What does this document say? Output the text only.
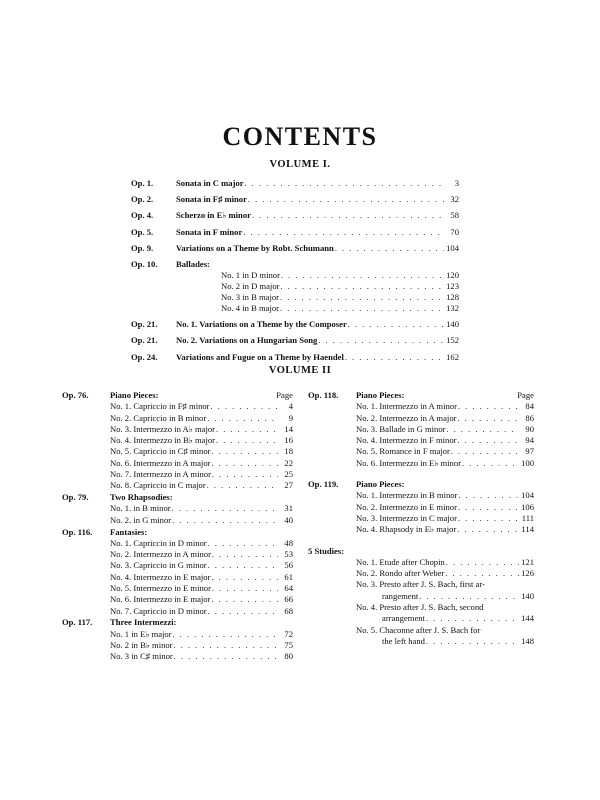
CONTENTS
VOLUME I.
Op. 1.	Sonata in C major . . .	3
Op. 2.	Sonata in F♯ minor . . .	32
Op. 4.	Scherzo in E♭ minor . . .	58
Op. 5.	Sonata in F minor . . .	70
Op. 9.	Variations on a Theme by Robt. Schumann . . .	104
Op. 10.	Ballades:
No. 1 in D minor . . .	120
No. 2 in D major . . .	123
No. 3 in B major . . .	128
No. 4 in B major . . .	132
Op. 21.	No. 1. Variations on a Theme by the Composer . . .	140
Op. 21.	No. 2. Variations on a Hungarian Song . . .	152
Op. 24.	Variations and Fugue on a Theme by Haendel . . .	162
VOLUME II
Op. 76.	Piano Pieces:	Page
No. 1. Capriccio in F♯ minor . . .	4
No. 2. Capriccio in B minor . . .	9
No. 3. Intermezzo in A♭ major . . .	14
No. 4. Intermezzo in B♭ major . . .	16
No. 5. Capriccio in C♯ minor . . .	18
No. 6. Intermezzo in A major . . .	22
No. 7. Intermezzo in A minor . . .	25
No. 8. Capriccio in C major . . .	27
Op. 79.	Two Rhapsodies:
No. 1. in B minor . . .	31
No. 2. in G minor . . .	40
Op. 116.	Fantasies:
No. 1. Capriccio in D minor . . .	48
No. 2. Intermezzo in A minor . . .	53
No. 3. Capriccio in G minor . . .	56
No. 4. Intermezzo in E major . . .	61
No. 5. Intermezzo in E minor . . .	64
No. 6. Intermezzo in E major . . .	66
No. 7. Capriccio in D minor . . .	68
Op. 117.	Three Intermezzi:
No. 1 in E♭ major . . .	72
No. 2 in B♭ minor . . .	75
No. 3 in C♯ minor . . .	80
Op. 118.	Piano Pieces:	Page
No. 1. Intermezzo in A minor . . .	84
No. 2. Intermezzo in A major . . .	86
No. 3. Ballade in G minor . . .	90
No. 4. Intermezzo in F minor . . .	94
No. 5. Romance in F major . . .	97
No. 6. Intermezzo in E♭ minor . . .	100
Op. 119.	Piano Pieces:
No. 1. Intermezzo in B minor . . .	104
No. 2. Intermezzo in E minor . . .	106
No. 3. Intermezzo in C major . . .	111
No. 4. Rhapsody in E♭ major . . .	114
5 Studies:
No. 1. Etude after Chopin . . .	121
No. 2. Rondo after Weber . . .	126
No. 3. Presto after J. S. Bach, first ar-
rangement . . .	140
No. 4. Presto after J. S. Bach, second
arrangement . . .	144
No. 5. Chaconne after J. S. Bach for
the left hand . . .	148
